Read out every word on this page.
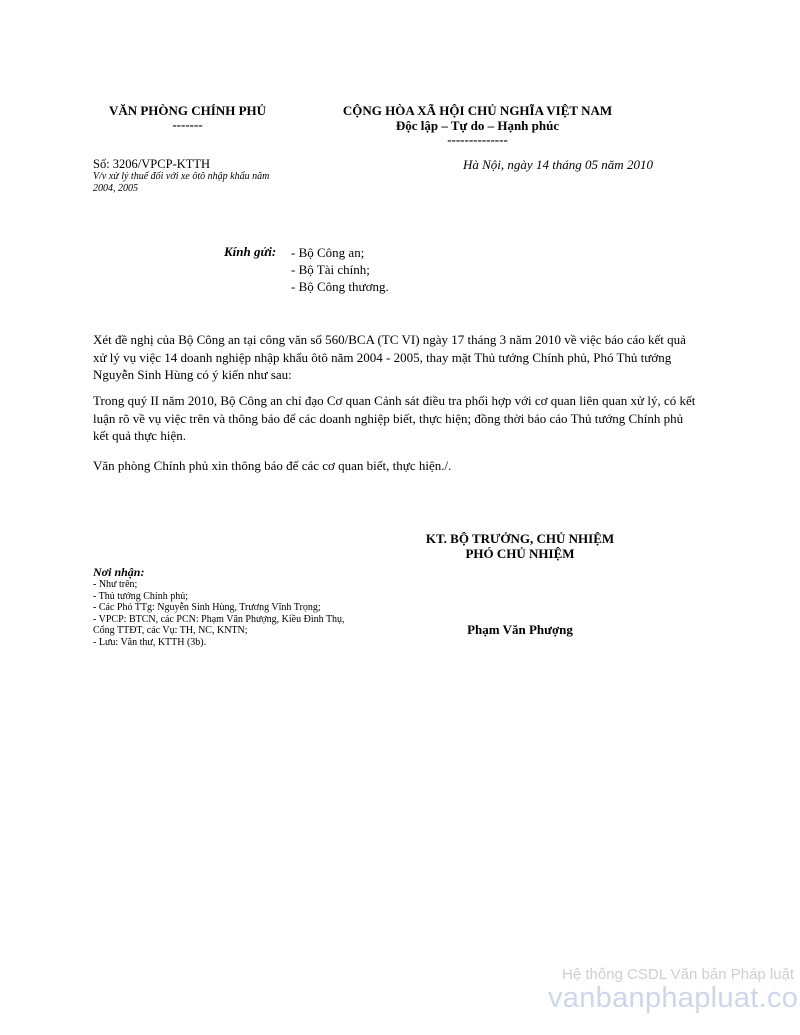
VĂN PHÒNG CHÍNH PHỦ
-------
CỘNG HÒA XÃ HỘI CHỦ NGHĨA VIỆT NAM
Độc lập – Tự do – Hạnh phúc
--------------
Số: 3206/VPCP-KTTH
V/v xử lý thuế đối với xe ôtô nhập khẩu năm
2004, 2005
Hà Nội, ngày 14 tháng 05 năm 2010
Kính gửi: - Bộ Công an;
- Bộ Tài chính;
- Bộ Công thương.
Xét đề nghị của Bộ Công an tại công văn số 560/BCA (TC VI) ngày 17 tháng 3 năm 2010 về việc báo cáo kết quả
xử lý vụ việc 14 doanh nghiệp nhập khẩu ôtô năm 2004 - 2005, thay mặt Thủ tướng Chính phủ, Phó Thủ tướng
Nguyễn Sinh Hùng có ý kiến như sau:
Trong quý II năm 2010, Bộ Công an chỉ đạo Cơ quan Cảnh sát điều tra phối hợp với cơ quan liên quan xử lý, có kết
luận rõ về vụ việc trên và thông báo để các doanh nghiệp biết, thực hiện; đồng thời báo cáo Thủ tướng Chính phủ
kết quả thực hiện.
Văn phòng Chính phủ xin thông báo để các cơ quan biết, thực hiện./.
KT. BỘ TRƯỞNG, CHỦ NHIỆM
PHÓ CHỦ NHIỆM
Phạm Văn Phượng
Nơi nhận:
- Như trên;
- Thủ tướng Chính phủ;
- Các Phó TTg: Nguyễn Sinh Hùng, Trương Vĩnh Trọng;
- VPCP: BTCN, các PCN: Phạm Văn Phượng, Kiều Đình Thụ,
Cổng TTĐT, các Vụ: TH, NC, KNTN;
- Lưu: Văn thư, KTTH (3b).
Hệ thống CSDL Văn bản Pháp luật
vanbanphapluat.co
